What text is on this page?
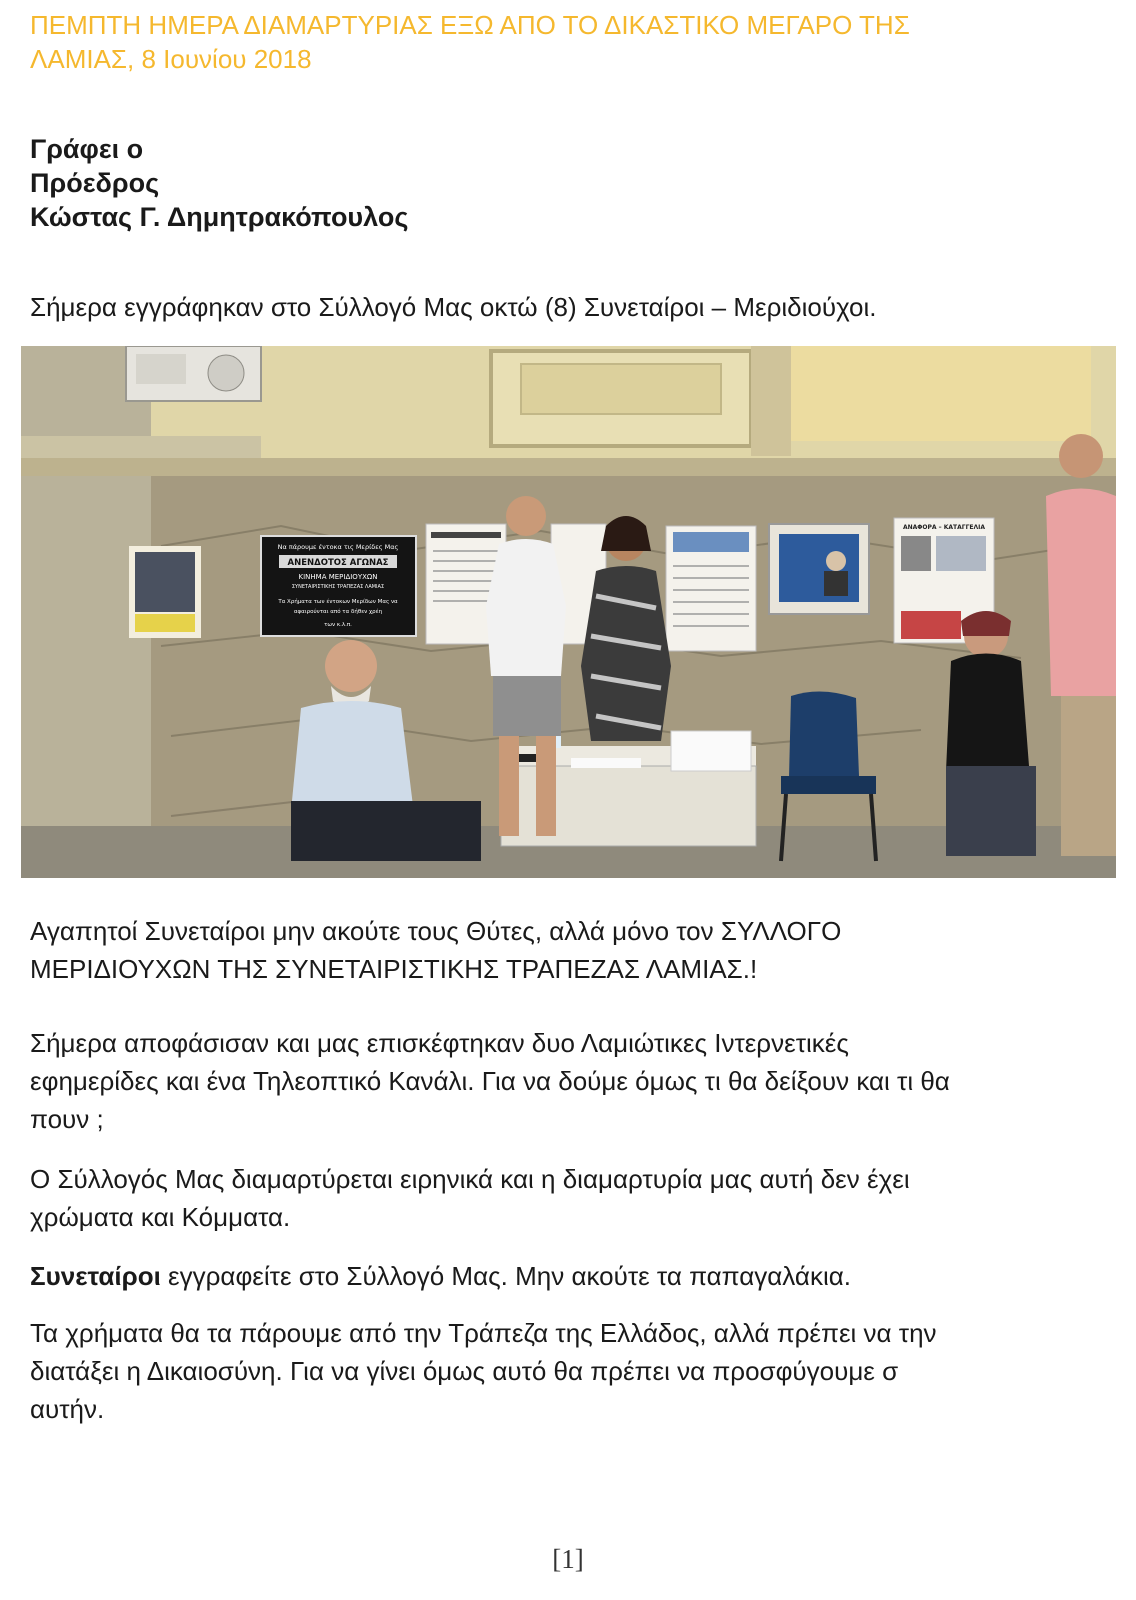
ΠΕΜΠΤΗ ΗΜΕΡΑ ΔΙΑΜΑΡΤΥΡΙΑΣ ΕΞΩ ΑΠΟ ΤΟ ΔΙΚΑΣΤΙΚΟ ΜΕΓΑΡΟ ΤΗΣ
ΛΑΜΙΑΣ, 8 Ιουνίου 2018
Γράφει ο
Πρόεδρος
Κώστας Γ. Δημητρακόπουλος

Σήμερα εγγράφηκαν στο Σύλλογό Μας οκτώ (8) Συνεταίροι – Μεριδιούχοι.

Να πάρουμε έντοκα τις Μερίδες Μας
ΑΝΕΝΔΟΤΟΣ ΑΓΩΝΑΣ
ΚΙΝΗΜΑ ΜΕΡΙΔΙΟΥΧΩΝ
ΣΥΝΕΤΑΙΡΙΣΤΙΚΗΣ ΤΡΑΠΕΖΑΣ ΛΑΜΙΑΣ
Τα Χρήματα των έντοκων Μερίδων Μας να
αφαιρούνται από τα δήθεν χρέη
των κ.λ.π.
ΑΝΑΦΟΡΑ – ΚΑΤΑΓΓΕΛΙΑ
Αγαπητοί Συνεταίροι μην ακούτε τους Θύτες, αλλά μόνο τον ΣΥΛΛΟΓΟ
ΜΕΡΙΔΙΟΥΧΩΝ ΤΗΣ ΣΥΝΕΤΑΙΡΙΣΤΙΚΗΣ ΤΡΑΠΕΖΑΣ ΛΑΜΙΑΣ.!
Σήμερα αποφάσισαν και μας επισκέφτηκαν δυο Λαμιώτικες Ιντερνετικές
εφημερίδες και ένα Τηλεοπτικό Κανάλι. Για να δούμε όμως τι θα δείξουν και τι θα
πουν ;
Ο Σύλλογός Μας διαμαρτύρεται ειρηνικά και η διαμαρτυρία μας αυτή δεν έχει
χρώματα και Κόμματα.
Συνεταίροι εγγραφείτε στο Σύλλογό Μας. Μην ακούτε τα παπαγαλάκια.
Τα χρήματα θα τα πάρουμε από την Τράπεζα της Ελλάδος, αλλά πρέπει να την
διατάξει η Δικαιοσύνη. Για να γίνει όμως αυτό θα πρέπει να προσφύγουμε σ
αυτήν.
[1]
